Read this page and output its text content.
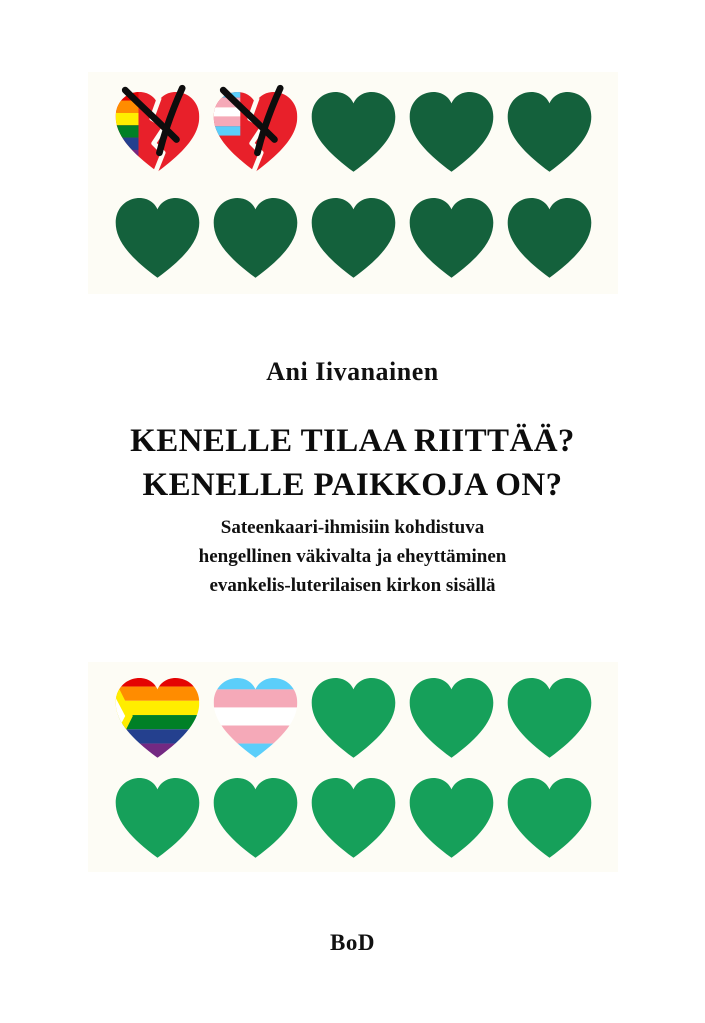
Ani Iivanainen
KENELLE TILAA RIITTÄÄ?
KENELLE PAIKKOJA ON?
Sateenkaari-ihmisiin kohdistuva
hengellinen väkivalta ja eheyttäminen
evankelis-luterilaisen kirkon sisällä
BoD
